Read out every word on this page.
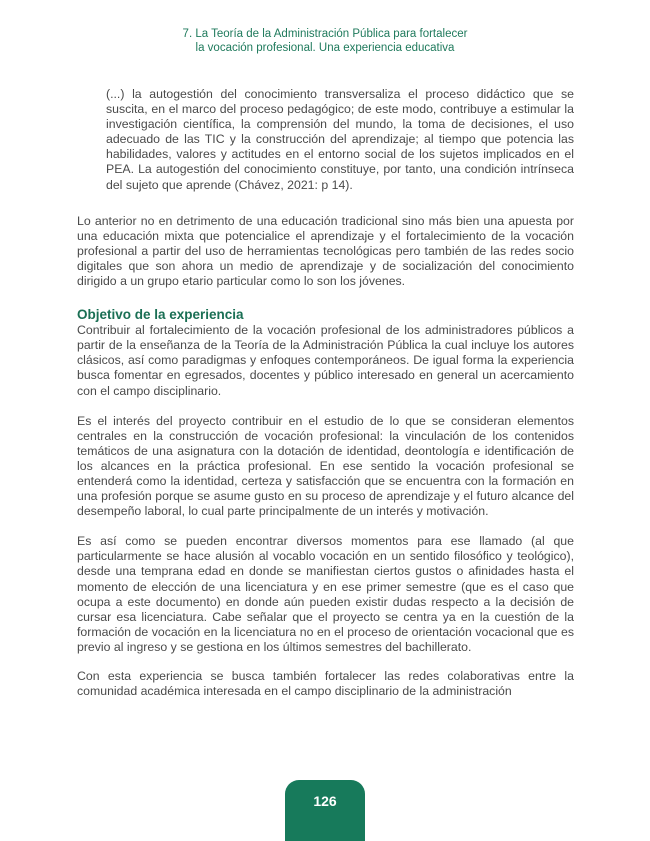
7. La Teoría de la Administración Pública para fortalecer
la vocación profesional. Una experiencia educativa

(...) la autogestión del conocimiento transversaliza el proceso didáctico que se suscita, en el marco del proceso pedagógico; de este modo, contribuye a estimular la investigación científica, la comprensión del mundo, la toma de decisiones, el uso adecuado de las TIC y la construcción del aprendizaje; al tiempo que potencia las habilidades, valores y actitudes en el entorno social de los sujetos implicados en el PEA. La autogestión del conocimiento constituye, por tanto, una condición intrínseca del sujeto que aprende (Chávez, 2021: p 14).

Lo anterior no en detrimento de una educación tradicional sino más bien una apuesta por una educación mixta que potencialice el aprendizaje y el fortalecimiento de la vocación profesional a partir del uso de herramientas tecnológicas pero también de las redes socio digitales que son ahora un medio de aprendizaje y de socialización del conocimiento dirigido a un grupo etario particular como lo son los jóvenes.

Objetivo de la experiencia

Contribuir al fortalecimiento de la vocación profesional de los administradores públicos a partir de la enseñanza de la Teoría de la Administración Pública la cual incluye los autores clásicos, así como paradigmas y enfoques contemporáneos. De igual forma la experiencia busca fomentar en egresados, docentes y público interesado en general un acercamiento con el campo disciplinario.

Es el interés del proyecto contribuir en el estudio de lo que se consideran elementos centrales en la construcción de vocación profesional: la vinculación de los contenidos temáticos de una asignatura con la dotación de identidad, deontología e identificación de los alcances en la práctica profesional. En ese sentido la vocación profesional se entenderá como la identidad, certeza y satisfacción que se encuentra con la formación en una profesión porque se asume gusto en su proceso de aprendizaje y el futuro alcance del desempeño laboral, lo cual parte principalmente de un interés y motivación.

Es así como se pueden encontrar diversos momentos para ese llamado (al que particularmente se hace alusión al vocablo vocación en un sentido filosófico y teológico), desde una temprana edad en donde se manifiestan ciertos gustos o afinidades hasta el momento de elección de una licenciatura y en ese primer semestre (que es el caso que ocupa a este documento) en donde aún pueden existir dudas respecto a la decisión de cursar esa licenciatura. Cabe señalar que el proyecto se centra ya en la cuestión de la formación de vocación en la licenciatura no en el proceso de orientación vocacional que es previo al ingreso y se gestiona en los últimos semestres del bachillerato.

Con esta experiencia se busca también fortalecer las redes colaborativas entre la comunidad académica interesada en el campo disciplinario de la administración

126
